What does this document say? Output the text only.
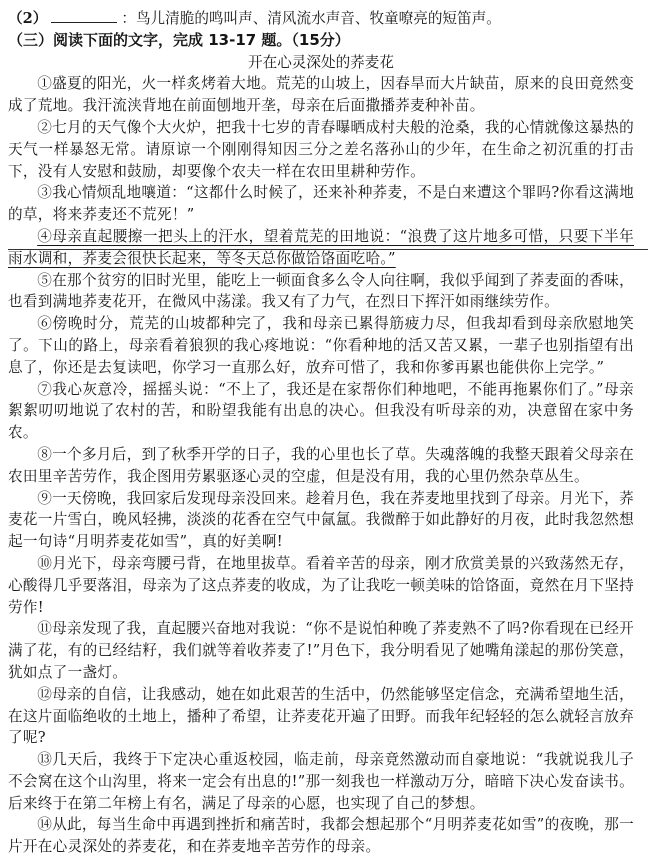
（2）	：鸟儿清脆的鸣叫声、清风流水声音、牧童嘹亮的短笛声。
（三）阅读下面的文字，完成 13-17 题。（15分）
开在心灵深处的荞麦花

①盛夏的阳光，火一样炙烤着大地。荒芜的山坡上，因春旱而大片缺苗，原来的良田竟然变成了荒地。我汗流浃背地在前面刨地开垄，母亲在后面撒播荞麦种补苗。

②七月的天气像个大火炉，把我十七岁的青春曝晒成村夫般的沧桑，我的心情就像这暴热的天气一样暴怒无常。请原谅一个刚刚得知因三分之差名落孙山的少年，在生命之初沉重的打击下，没有人安慰和鼓励，却要像个农夫一样在农田里耕种劳作。

③我心情烦乱地嚷道：“这都什么时候了，还来补种荞麦，不是白来遭这个罪吗?你看这满地的草，将来荞麦还不荒死！”

④母亲直起腰擦一把头上的汗水，望着荒芜的田地说：“浪费了这片地多可惜，只要下半年雨水调和，荞麦会很快长起来，等冬天总你做饸饹面吃哈。”

⑤在那个贫穷的旧时光里，能吃上一顿面食多么令人向往啊，我似乎闻到了荞麦面的香味，也看到满地荞麦花开，在微风中荡漾。我又有了力气，在烈日下挥汗如雨继续劳作。

⑥傍晚时分，荒芜的山坡都种完了，我和母亲已累得筋疲力尽，但我却看到母亲欣慰地笑了。下山的路上，母亲看着狼狈的我心疼地说：“你看种地的活又苦又累，一辈子也别指望有出息了，你还是去复读吧，你学习一直那么好，放弃可惜了，我和你爹再累也能供你上完学。”

⑦我心灰意冷，摇摇头说：“不上了，我还是在家帮你们种地吧，不能再拖累你们了。”母亲絮絮叨叨地说了农村的苦，和盼望我能有出息的决心。但我没有听母亲的劝，决意留在家中务农。

⑧一个多月后，到了秋季开学的日子，我的心里也长了草。失魂落魄的我整天跟着父母亲在农田里辛苦劳作，我企图用劳累驱逐心灵的空虚，但是没有用，我的心里仍然杂草丛生。

⑨一天傍晚，我回家后发现母亲没回来。趁着月色，我在荞麦地里找到了母亲。月光下，荞麦花一片雪白，晚风轻拂，淡淡的花香在空气中氤氲。我微醉于如此静好的月夜，此时我忽然想起一句诗“月明荞麦花如雪”，真的好美啊!

⑩月光下，母亲弯腰弓背，在地里拔草。看着辛苦的母亲，刚才欣赏美景的兴致荡然无存，心酸得几乎要落泪，母亲为了这点荞麦的收成，为了让我吃一顿美味的饸饹面，竟然在月下坚持劳作!

⑪母亲发现了我，直起腰兴奋地对我说：“你不是说怕种晚了荞麦熟不了吗?你看现在已经开满了花，有的已经结籽，我们就等着收荞麦了!”月色下，我分明看见了她嘴角漾起的那份笑意，犹如点了一盏灯。

⑫母亲的自信，让我感动，她在如此艰苦的生活中，仍然能够坚定信念，充满希望地生活，在这片面临绝收的土地上，播种了希望，让荞麦花开遍了田野。而我年纪轻轻的怎么就轻言放弃了呢?

⑬几天后，我终于下定决心重返校园，临走前，母亲竟然激动而自豪地说：“我就说我儿子不会窝在这个山沟里，将来一定会有出息的!”那一刻我也一样激动万分，暗暗下决心发奋读书。后来终于在第二年榜上有名，满足了母亲的心愿，也实现了自己的梦想。

⑭从此，每当生命中再遇到挫折和痛苦时，我都会想起那个“月明荞麦花如雪”的夜晚，那一片开在心灵深处的荞麦花，和在荞麦地辛苦劳作的母亲。
